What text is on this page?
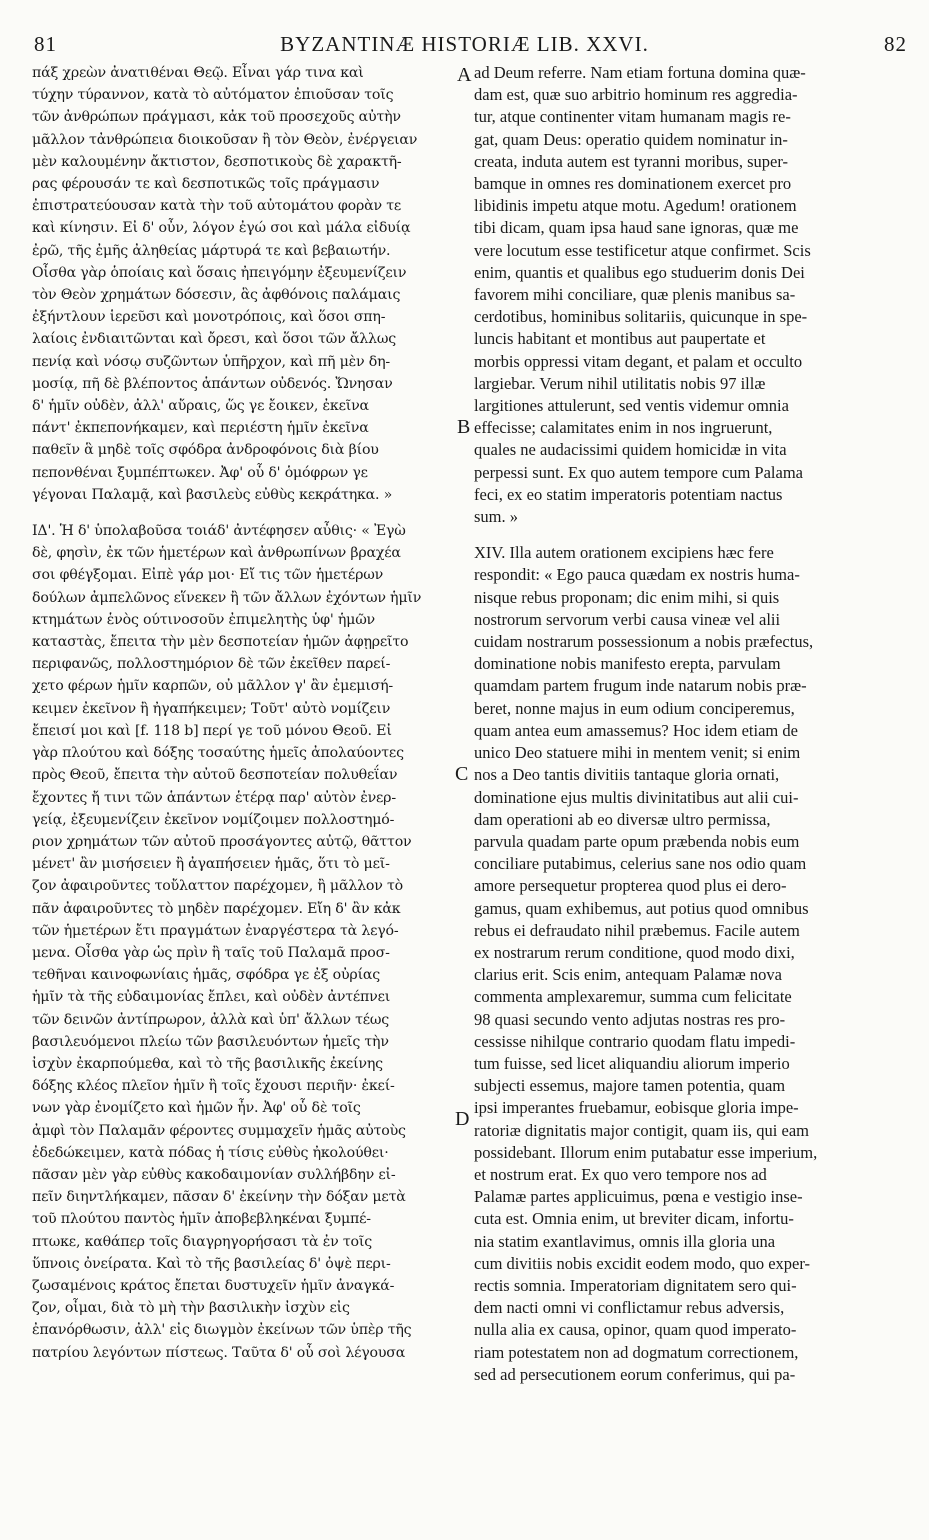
81	BYZANTINÆ HISTORIÆ LIB. XXVI.	82
πάξ χρεὼν ἀνατιθέναι Θεῷ. Εἶναι γάρ τινα καὶ
τύχην τύραννον, κατὰ τὸ αὐτόματον ἐπιοῦσαν τοῖς
τῶν ἀνθρώπων πράγμασι, κἀκ τοῦ προσεχοῦς αὐτὴν
μᾶλλον τἀνθρώπεια διοικοῦσαν ἢ τὸν Θεὸν, ἐνέργειαν
μὲν καλουμένην ἄκτιστον, δεσποτικοὺς δὲ χαρακτῆ-
ρας φέρουσάν τε καὶ δεσποτικῶς τοῖς πράγμασιν
ἐπιστρατεύουσαν κατὰ τὴν τοῦ αὐτομάτου φορὰν τε
καὶ κίνησιν. Εἰ δ' οὖν, λόγον ἐγώ σοι καὶ μάλα εἰδυίᾳ
ἐρῶ, τῆς ἐμῆς ἀληθείας μάρτυρά τε καὶ βεβαιωτήν.
Οἶσθα γὰρ ὁποίαις καὶ ὅσαις ἠπειγόμην ἐξευμενίζειν
τὸν Θεὸν χρημάτων δόσεσιν, ἃς ἀφθόνοις παλάμαις
ἐξήντλουν ἱερεῦσι καὶ μονοτρόποις, καὶ ὅσοι σπη-
λαίοις ἐνδιαιτῶνται καὶ ὄρεσι, καὶ ὅσοι τῶν ἄλλως
πενίᾳ καὶ νόσῳ συζῶντων ὑπῆρχον, καὶ πῆ μὲν δη-
μοσίᾳ, πῆ δὲ βλέποντος ἁπάντων οὐδενός. Ὤνησαν
δ' ἡμῖν οὐδὲν, ἀλλ' αὔραις, ὥς γε ἔοικεν, ἐκεῖνα
πάντ' ἐκπεπονήκαμεν, καὶ περιέστη ἡμῖν ἐκεῖνα
παθεῖν ἃ μηδὲ τοῖς σφόδρα ἀνδροφόνοις διὰ βίου
πεπονθέναι ξυμπέπτωκεν. Ἀφ' οὗ δ' ὁμόφρων γε
γέγοναι Παλαμᾷ, καὶ βασιλεὺς εὐθὺς κεκράτηκα. »
ΙΔ'. Ἡ δ' ὑπολαβοῦσα τοιάδ' ἀντέφησεν αὖθις· « Ἐγὼ
δὲ, φησὶν, ἐκ τῶν ἡμετέρων καὶ ἀνθρωπίνων βραχέα
σοι φθέγξομαι. Εἰπὲ γάρ μοι· Εἴ τις τῶν ἡμετέρων
δούλων ἀμπελῶνος εἵνεκεν ἢ τῶν ἄλλων ἐχόντων ἡμῖν
κτημάτων ἑνὸς ούτινοσοῦν ἐπιμελητὴς ὑφ' ἡμῶν
καταστὰς, ἔπειτα τὴν μὲν δεσποτείαν ἡμῶν ἀφῃρεῖτο
περιφανῶς, πολλοστημόριον δὲ τῶν ἐκεῖθεν παρεί-
χετο φέρων ἡμῖν καρπῶν, οὐ μᾶλλον γ' ἂν ἐμεμισή-
κειμεν ἐκεῖνον ἢ ἠγαπήκειμεν; Τοῦτ' αὐτὸ νομίζειν
ἔπεισί μοι καὶ [f. 118 b] περί γε τοῦ μόνου Θεοῦ. Εἰ
γὰρ πλούτου καὶ δόξης τοσαύτης ἡμεῖς ἀπολαύοντες
πρὸς Θεοῦ, ἔπειτα τὴν αὐτοῦ δεσποτείαν πολυθεΐαν
ἔχοντες ἤ τινι τῶν ἁπάντων ἑτέρᾳ παρ' αὐτὸν ἐνερ-
γείᾳ, ἐξευμενίζειν ἐκεῖνον νομίζοιμεν πολλοστημό-
ριον χρημάτων τῶν αὐτοῦ προσάγοντες αὐτῷ, θᾶττον
μένετ' ἂν μισήσειεν ἢ ἀγαπήσειεν ἡμᾶς, ὅτι τὸ μεῖ-
ζον ἀφαιροῦντες τοὔλαττον παρέχομεν, ἢ μᾶλλον τὸ
πᾶν ἀφαιροῦντες τὸ μηδὲν παρέχομεν. Εἴη δ' ἂν κἀκ
τῶν ἡμετέρων ἔτι πραγμάτων ἐναργέστερα τὰ λεγό-
μενα. Οἶσθα γὰρ ὡς πρὶν ἢ ταῖς τοῦ Παλαμᾶ προσ-
τεθῆναι καινοφωνίαις ἡμᾶς, σφόδρα γε ἐξ οὐρίας
ἡμῖν τὰ τῆς εὐδαιμονίας ἔπλει, καὶ οὐδὲν ἀντέπνει
τῶν δεινῶν ἀντίπρωρον, ἀλλὰ καὶ ὑπ' ἄλλων τέως
βασιλευόμενοι πλείω τῶν βασιλευόντων ἡμεῖς τὴν
ἰσχὺν ἐκαρπούμεθα, καὶ τὸ τῆς βασιλικῆς ἐκείνης
δόξης κλέος πλεῖον ἡμῖν ἢ τοῖς ἔχουσι περιῆν· ἐκεί-
νων γὰρ ἐνομίζετο καὶ ἡμῶν ἦν. Ἀφ' οὗ δὲ τοῖς
ἀμφὶ τὸν Παλαμᾶν φέροντες συμμαχεῖν ἡμᾶς αὐτοὺς
ἐδεδώκειμεν, κατὰ πόδας ἡ τίσις εὐθὺς ἠκολούθει·
πᾶσαν μὲν γὰρ εὐθὺς κακοδαιμονίαν συλλήβδην εἰ-
πεῖν διηντλήκαμεν, πᾶσαν δ' ἐκείνην τὴν δόξαν μετὰ
τοῦ πλούτου παντὸς ἡμῖν ἀποβεβληκέναι ξυμπέ-
πτωκε, καθάπερ τοῖς διαγρηγορήσασι τὰ ἐν τοῖς
ὕπνοις ὀνείρατα. Καὶ τὸ τῆς βασιλείας δ' ὀψὲ περι-
ζωσαμένοις κράτος ἔπεται δυστυχεῖν ἡμῖν ἀναγκά-
ζον, οἶμαι, διὰ τὸ μὴ τὴν βασιλικὴν ἰσχὺν εἰς
ἐπανόρθωσιν, ἀλλ' εἰς διωγμὸν ἐκείνων τῶν ὑπὲρ τῆς
πατρίου λεγόντων πίστεως. Ταῦτα δ' οὖ σοὶ λέγουσα
ad Deum referre. Nam etiam fortuna domina quæ-
dam est, quæ suo arbitrio hominum res aggredia-
tur, atque continenter vitam humanam magis re-
gat, quam Deus: operatio quidem nominatur in-
creata, induta autem est tyranni moribus, super-
bamque in omnes res dominationem exercet pro
libidinis impetu atque motu. Agedum! orationem
tibi dicam, quam ipsa haud sane ignoras, quæ me
vere locutum esse testificetur atque confirmet. Scis
enim, quantis et qualibus ego studuerim donis Dei
favorem mihi conciliare, quæ plenis manibus sa-
cerdotibus, hominibus solitariis, quicunque in spe-
luncis habitant et montibus aut paupertate et
morbis oppressi vitam degant, et palam et occulto
largiebar. Verum nihil utilitatis nobis 97 illæ
largitiones attulerunt, sed ventis videmur omnia
effecisse; calamitates enim in nos ingruerunt,
quales ne audacissimi quidem homicidæ in vita
perpessi sunt. Ex quo autem tempore cum Palama
feci, ex eo statim imperatoris potentiam nactus
sum. »
XIV. Illa autem orationem excipiens hæc fere
respondit: « Ego pauca quædam ex nostris huma-
nisque rebus proponam; dic enim mihi, si quis
nostrorum servorum verbi causa vineæ vel alii
cuidam nostrarum possessionum a nobis præfectus,
dominatione nobis manifesto erepta, parvulam
quamdam partem frugum inde natarum nobis præ-
beret, nonne majus in eum odium conciperemus,
quam antea eum amassemus? Hoc idem etiam de
unico Deo statuere mihi in mentem venit; si enim
nos a Deo tantis divitiis tantaque gloria ornati,
dominatione ejus multis divinitatibus aut alii cui-
dam operationi ab eo diversæ ultro permissa,
parvula quadam parte opum præbenda nobis eum
conciliare putabimus, celerius sane nos odio quam
amore persequetur propterea quod plus ei dero-
gamus, quam exhibemus, aut potius quod omnibus
rebus ei defraudato nihil præbemus. Facile autem
ex nostrarum rerum conditione, quod modo dixi,
clarius erit. Scis enim, antequam Palamæ nova
commenta amplexaremur, summa cum felicitate
98 quasi secundo vento adjutas nostras res pro-
cessisse nihilque contrario quodam flatu impedi-
tum fuisse, sed licet aliquandiu aliorum imperio
subjecti essemus, majore tamen potentia, quam
ipsi imperantes fruebamur, eobisque gloria impe-
ratoriæ dignitatis major contigit, quam iis, qui eam
possidebant. Illorum enim putabatur esse imperium,
et nostrum erat. Ex quo vero tempore nos ad
Palamæ partes applicuimus, pœna e vestigio inse-
cuta est. Omnia enim, ut breviter dicam, infortu-
nia statim exantlavimus, omnis illa gloria una
cum divitiis nobis excidit eodem modo, quo exper-
rectis somnia. Imperatoriam dignitatem sero qui-
dem nacti omni vi conflictamur rebus adversis,
nulla alia ex causa, opinor, quam quod imperato-
riam potestatem non ad dogmatum correctionem,
sed ad persecutionem eorum conferimus, qui pa-
A
B
C
D
